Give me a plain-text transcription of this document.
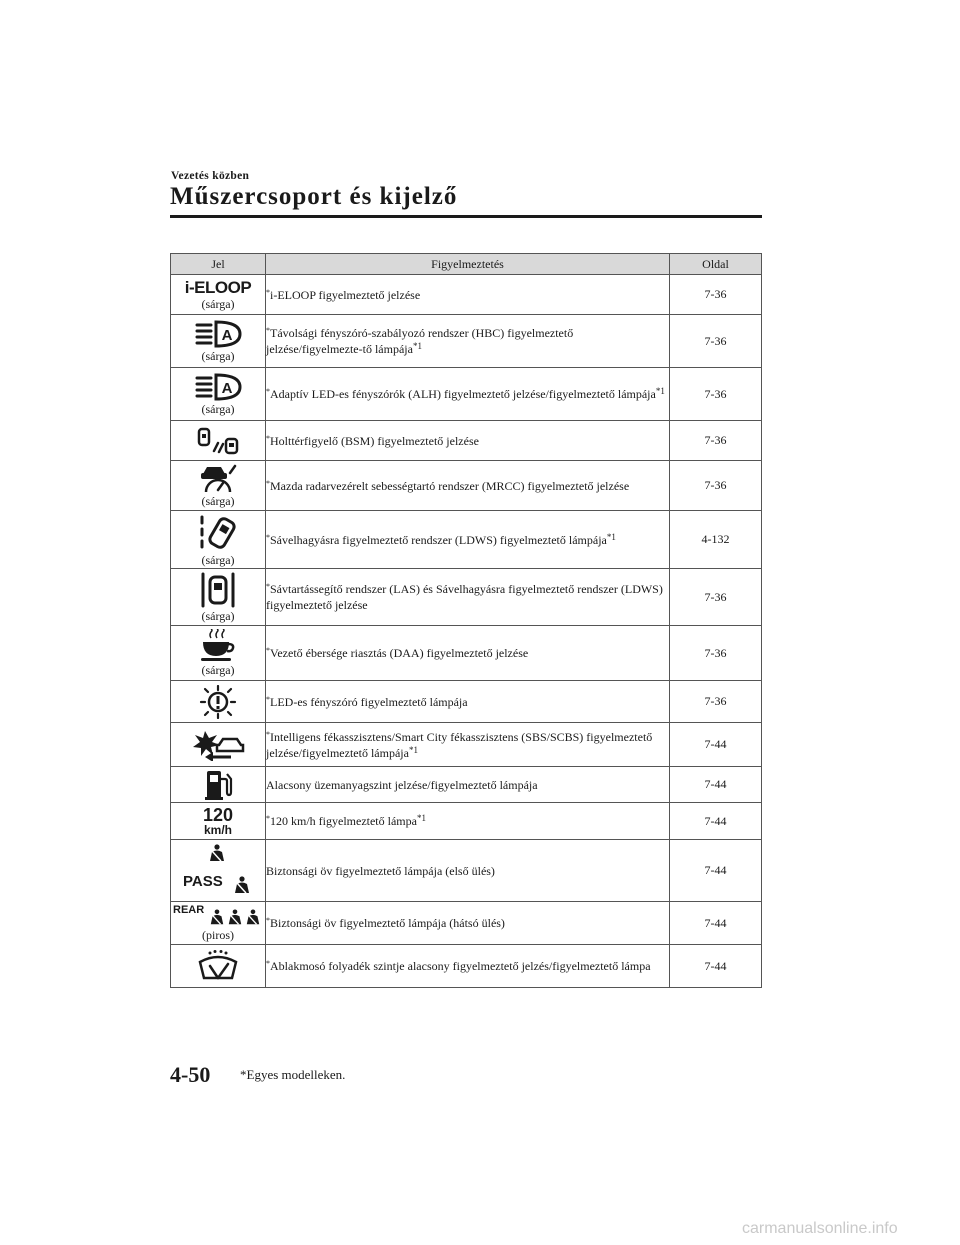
Vezetés közben
Műszercsoport és kijelző
Jel	Figyelmeztetés	Oldal

i-ELOOP
(sárga)	*i-ELOOP figyelmeztető jelzése	7-36

A
(sárga)	*Távolsági fényszóró-szabályozó rendszer (HBC) figyelmeztető jelzése/figyelmezte-tő lámpája$^{*1}$	7-36

A
(sárga)	*Adaptív LED-es fényszórók (ALH) figyelmeztető jelzése/figyelmeztető lámpája$^{*1}$	7-36

	*Holttérfigyelő (BSM) figyelmeztető jelzése	7-36

(sárga)	*Mazda radarvezérelt sebességtartó rendszer (MRCC) figyelmeztető jelzése	7-36

(sárga)	*Sávelhagyásra figyelmeztető rendszer (LDWS) figyelmeztető lámpája$^{*1}$	4-132

(sárga)	*Sávtartássegítő rendszer (LAS) és Sávelhagyásra figyelmeztető rendszer (LDWS) figyelmeztető jelzése	7-36

(sárga)	*Vezető ébersége riasztás (DAA) figyelmeztető jelzése	7-36

	*LED-es fényszóró figyelmeztető lámpája	7-36

	*Intelligens fékasszisztens/Smart City fékasszisztens (SBS/SCBS) figyelmeztető jelzése/figyelmeztető lámpája$^{*1}$	7-44

	Alacsony üzemanyagszint jelzése/figyelmeztető lámpája	7-44

120
km/h	*120 km/h figyelmeztető lámpa$^{*1}$	7-44

PASS	Biztonsági öv figyelmeztető lámpája (első ülés)	7-44

REAR
(piros)	*Biztonsági öv figyelmeztető lámpája (hátsó ülés)	7-44

	*Ablakmosó folyadék szintje alacsony figyelmeztető jelzés/figyelmeztető lámpa	7-44
4-50 *Egyes modelleken.
carmanualsonline.info
